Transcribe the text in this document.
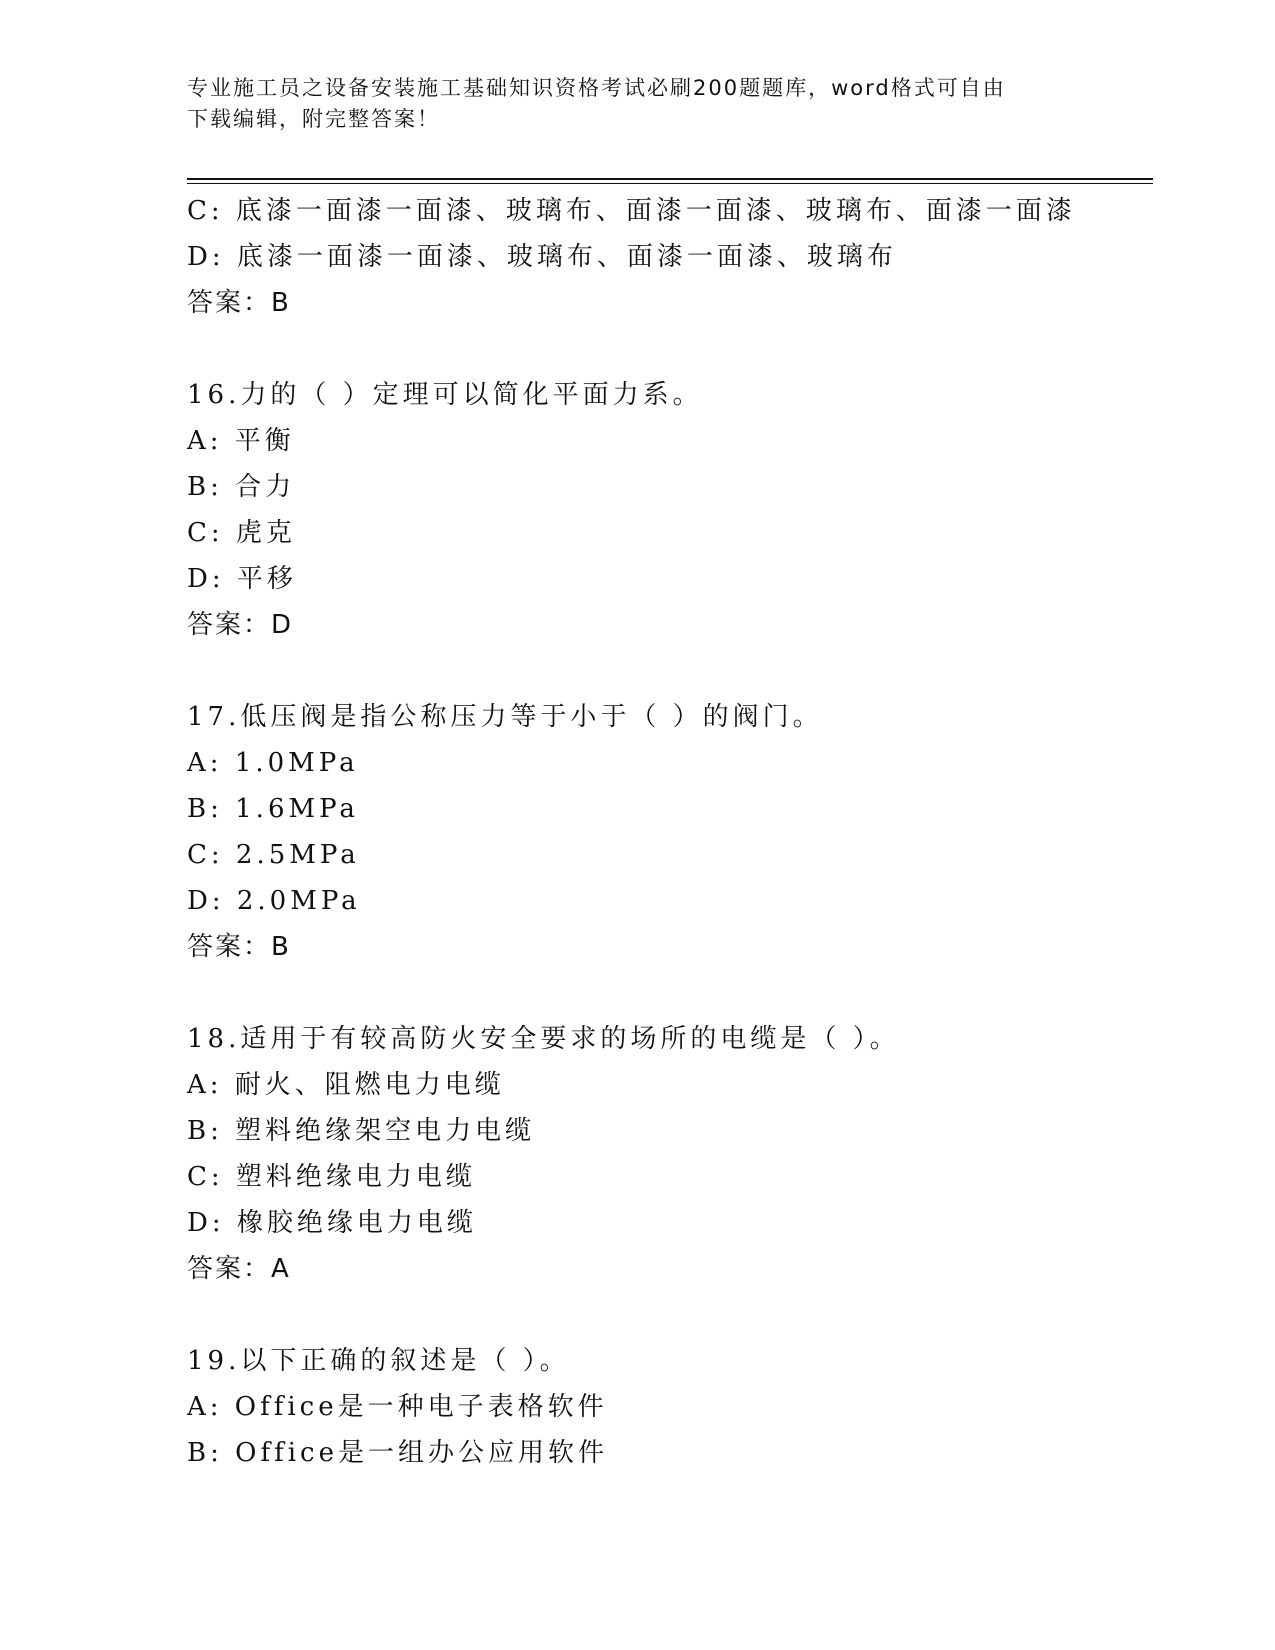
专业施工员之设备安装施工基础知识资格考试必刷200题题库，word格式可自由
下载编辑，附完整答案！
C: 底漆一面漆一面漆、玻璃布、面漆一面漆、玻璃布、面漆一面漆
D: 底漆一面漆一面漆、玻璃布、面漆一面漆、玻璃布
答案：B
16.力的（ ）定理可以简化平面力系。
A: 平衡
B: 合力
C: 虎克
D: 平移
答案：D
17.低压阀是指公称压力等于小于（ ）的阀门。
A: 1.0MPa
B: 1.6MPa
C: 2.5MPa
D: 2.0MPa
答案：B
18.适用于有较高防火安全要求的场所的电缆是（ ）。
A: 耐火、阻燃电力电缆
B: 塑料绝缘架空电力电缆
C: 塑料绝缘电力电缆
D: 橡胶绝缘电力电缆
答案：A
19.以下正确的叙述是（ ）。
A: Office是一种电子表格软件
B: Office是一组办公应用软件
